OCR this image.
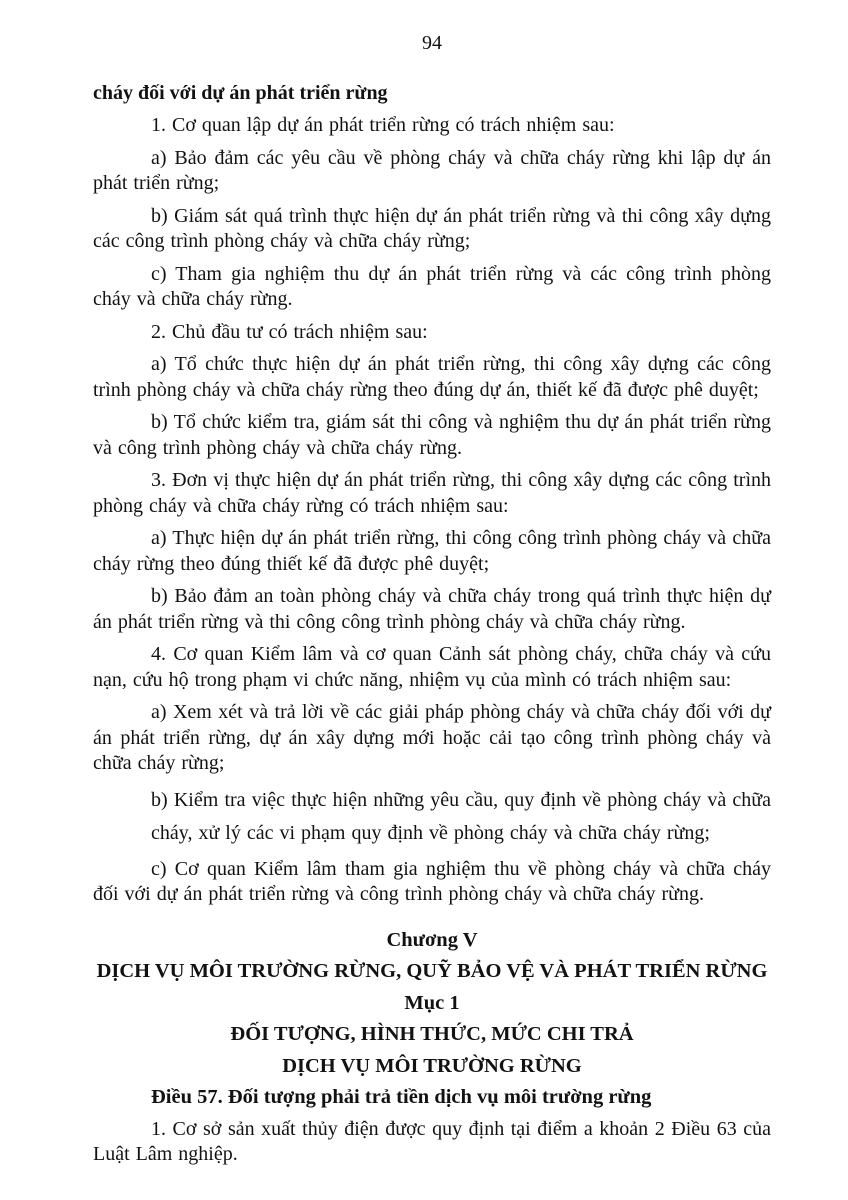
94
cháy đối với dự án phát triển rừng

1. Cơ quan lập dự án phát triển rừng có trách nhiệm sau:

a) Bảo đảm các yêu cầu về phòng cháy và chữa cháy rừng khi lập dự án phát triển rừng;

b) Giám sát quá trình thực hiện dự án phát triển rừng và thi công xây dựng các công trình phòng cháy và chữa cháy rừng;

c) Tham gia nghiệm thu dự án phát triển rừng và các công trình phòng cháy và chữa cháy rừng.

2. Chủ đầu tư có trách nhiệm sau:

a) Tổ chức thực hiện dự án phát triển rừng, thi công xây dựng các công trình phòng cháy và chữa cháy rừng theo đúng dự án, thiết kế đã được phê duyệt;

b) Tổ chức kiểm tra, giám sát thi công và nghiệm thu dự án phát triển rừng và công trình phòng cháy và chữa cháy rừng.

3. Đơn vị thực hiện dự án phát triển rừng, thi công xây dựng các công trình phòng cháy và chữa cháy rừng có trách nhiệm sau:

a) Thực hiện dự án phát triển rừng, thi công công trình phòng cháy và chữa cháy rừng theo đúng thiết kế đã được phê duyệt;

b) Bảo đảm an toàn phòng cháy và chữa cháy trong quá trình thực hiện dự án phát triển rừng và thi công công trình phòng cháy và chữa cháy rừng.

4. Cơ quan Kiểm lâm và cơ quan Cảnh sát phòng cháy, chữa cháy và cứu nạn, cứu hộ trong phạm vi chức năng, nhiệm vụ của mình có trách nhiệm sau:

a) Xem xét và trả lời về các giải pháp phòng cháy và chữa cháy đối với dự án phát triển rừng, dự án xây dựng mới hoặc cải tạo công trình phòng cháy và chữa cháy rừng;

b) Kiểm tra việc thực hiện những yêu cầu, quy định về phòng cháy và chữa cháy, xử lý các vi phạm quy định về phòng cháy và chữa cháy rừng;

c) Cơ quan Kiểm lâm tham gia nghiệm thu về phòng cháy và chữa cháy đối với dự án phát triển rừng và công trình phòng cháy và chữa cháy rừng.

Chương V
DỊCH VỤ MÔI TRƯỜNG RỪNG, QUỸ BẢO VỆ VÀ PHÁT TRIỂN RỪNG
Mục 1
ĐỐI TƯỢNG, HÌNH THỨC, MỨC CHI TRẢ
DỊCH VỤ MÔI TRƯỜNG RỪNG
Điều 57. Đối tượng phải trả tiền dịch vụ môi trường rừng

1. Cơ sở sản xuất thủy điện được quy định tại điểm a khoản 2 Điều 63 của Luật Lâm nghiệp.
